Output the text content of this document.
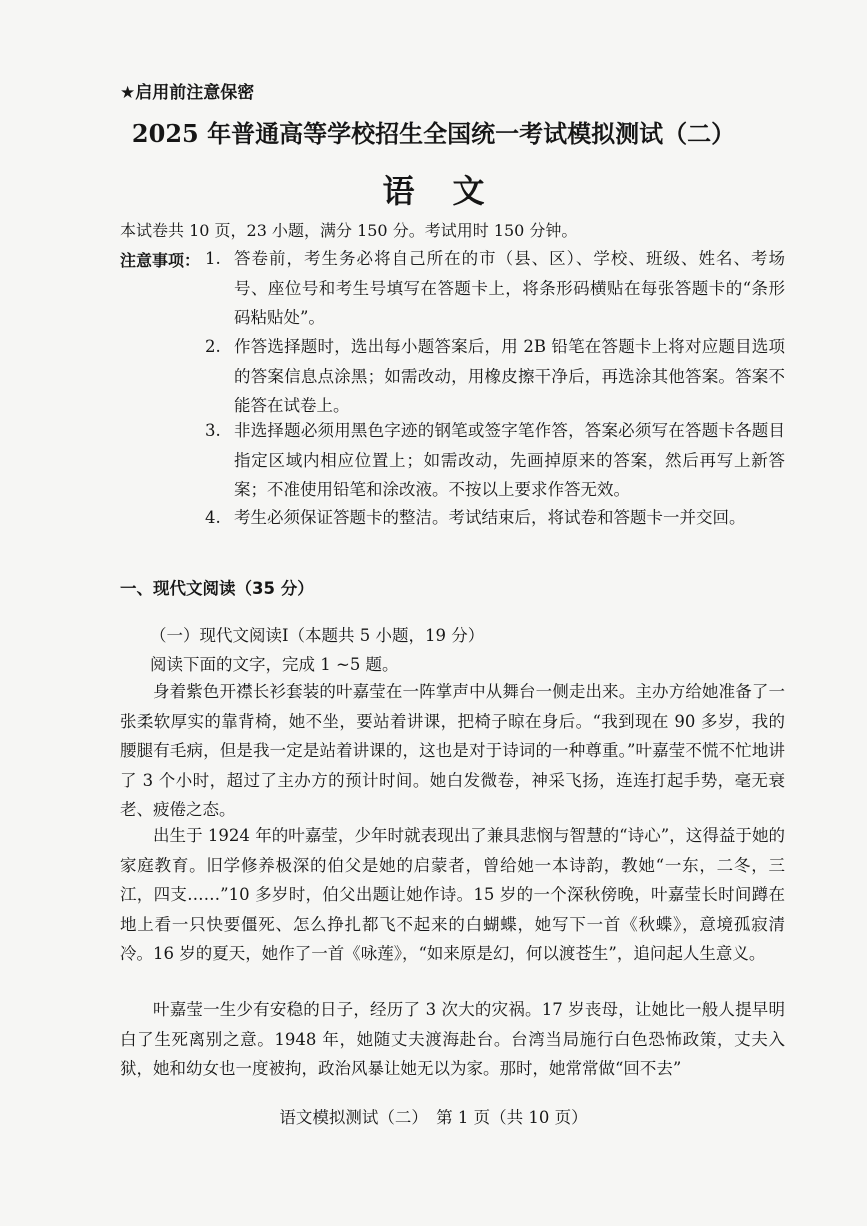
★启用前注意保密
2025 年普通高等学校招生全国统一考试模拟测试（二）
语文
本试卷共 10 页，23 小题，满分 150 分。考试用时 150 分钟。
注意事项： 1. 答卷前，考生务必将自己所在的市（县、区）、学校、班级、姓名、考场号、座位号和考生号填写在答题卡上，将条形码横贴在每张答题卡的“条形码粘贴处”。
2. 作答选择题时，选出每小题答案后，用 2B 铅笔在答题卡上将对应题目选项的答案信息点涂黑；如需改动，用橡皮擦干净后，再选涂其他答案。答案不能答在试卷上。
3. 非选择题必须用黑色字迹的钢笔或签字笔作答，答案必须写在答题卡各题目指定区域内相应位置上；如需改动，先画掉原来的答案，然后再写上新答案；不准使用铅笔和涂改液。不按以上要求作答无效。
4. 考生必须保证答题卡的整洁。考试结束后，将试卷和答题卡一并交回。
一、现代文阅读（35 分）
（一）现代文阅读Ⅰ（本题共 5 小题，19 分）
阅读下面的文字，完成 1 ~5 题。
身着紫色开襟长衫套装的叶嘉莹在一阵掌声中从舞台一侧走出来。主办方给她准备了一张柔软厚实的靠背椅，她不坐，要站着讲课，把椅子晾在身后。“我到现在 90 多岁，我的腰腿有毛病，但是我一定是站着讲课的，这也是对于诗词的一种尊重。”叶嘉莹不慌不忙地讲了 3 个小时，超过了主办方的预计时间。她白发微卷，神采飞扬，连连打起手势，毫无衰老、疲倦之态。
出生于 1924 年的叶嘉莹，少年时就表现出了兼具悲悯与智慧的“诗心”，这得益于她的家庭教育。旧学修养极深的伯父是她的启蒙者，曾给她一本诗韵，教她“一东，二冬，三江，四支……”10 多岁时，伯父出题让她作诗。15 岁的一个深秋傍晚，叶嘉莹长时间蹲在地上看一只快要僵死、怎么挣扎都飞不起来的白蝴蝶，她写下一首《秋蝶》，意境孤寂清冷。16 岁的夏天，她作了一首《咏莲》，“如来原是幻，何以渡苍生”，追问起人生意义。
叶嘉莹一生少有安稳的日子，经历了 3 次大的灾祸。17 岁丧母，让她比一般人提早明白了生死离别之意。1948 年，她随丈夫渡海赴台。台湾当局施行白色恐怖政策，丈夫入狱，她和幼女也一度被拘，政治风暴让她无以为家。那时，她常常做“回不去”
语文模拟测试（二）　第 1 页（共 10 页）
